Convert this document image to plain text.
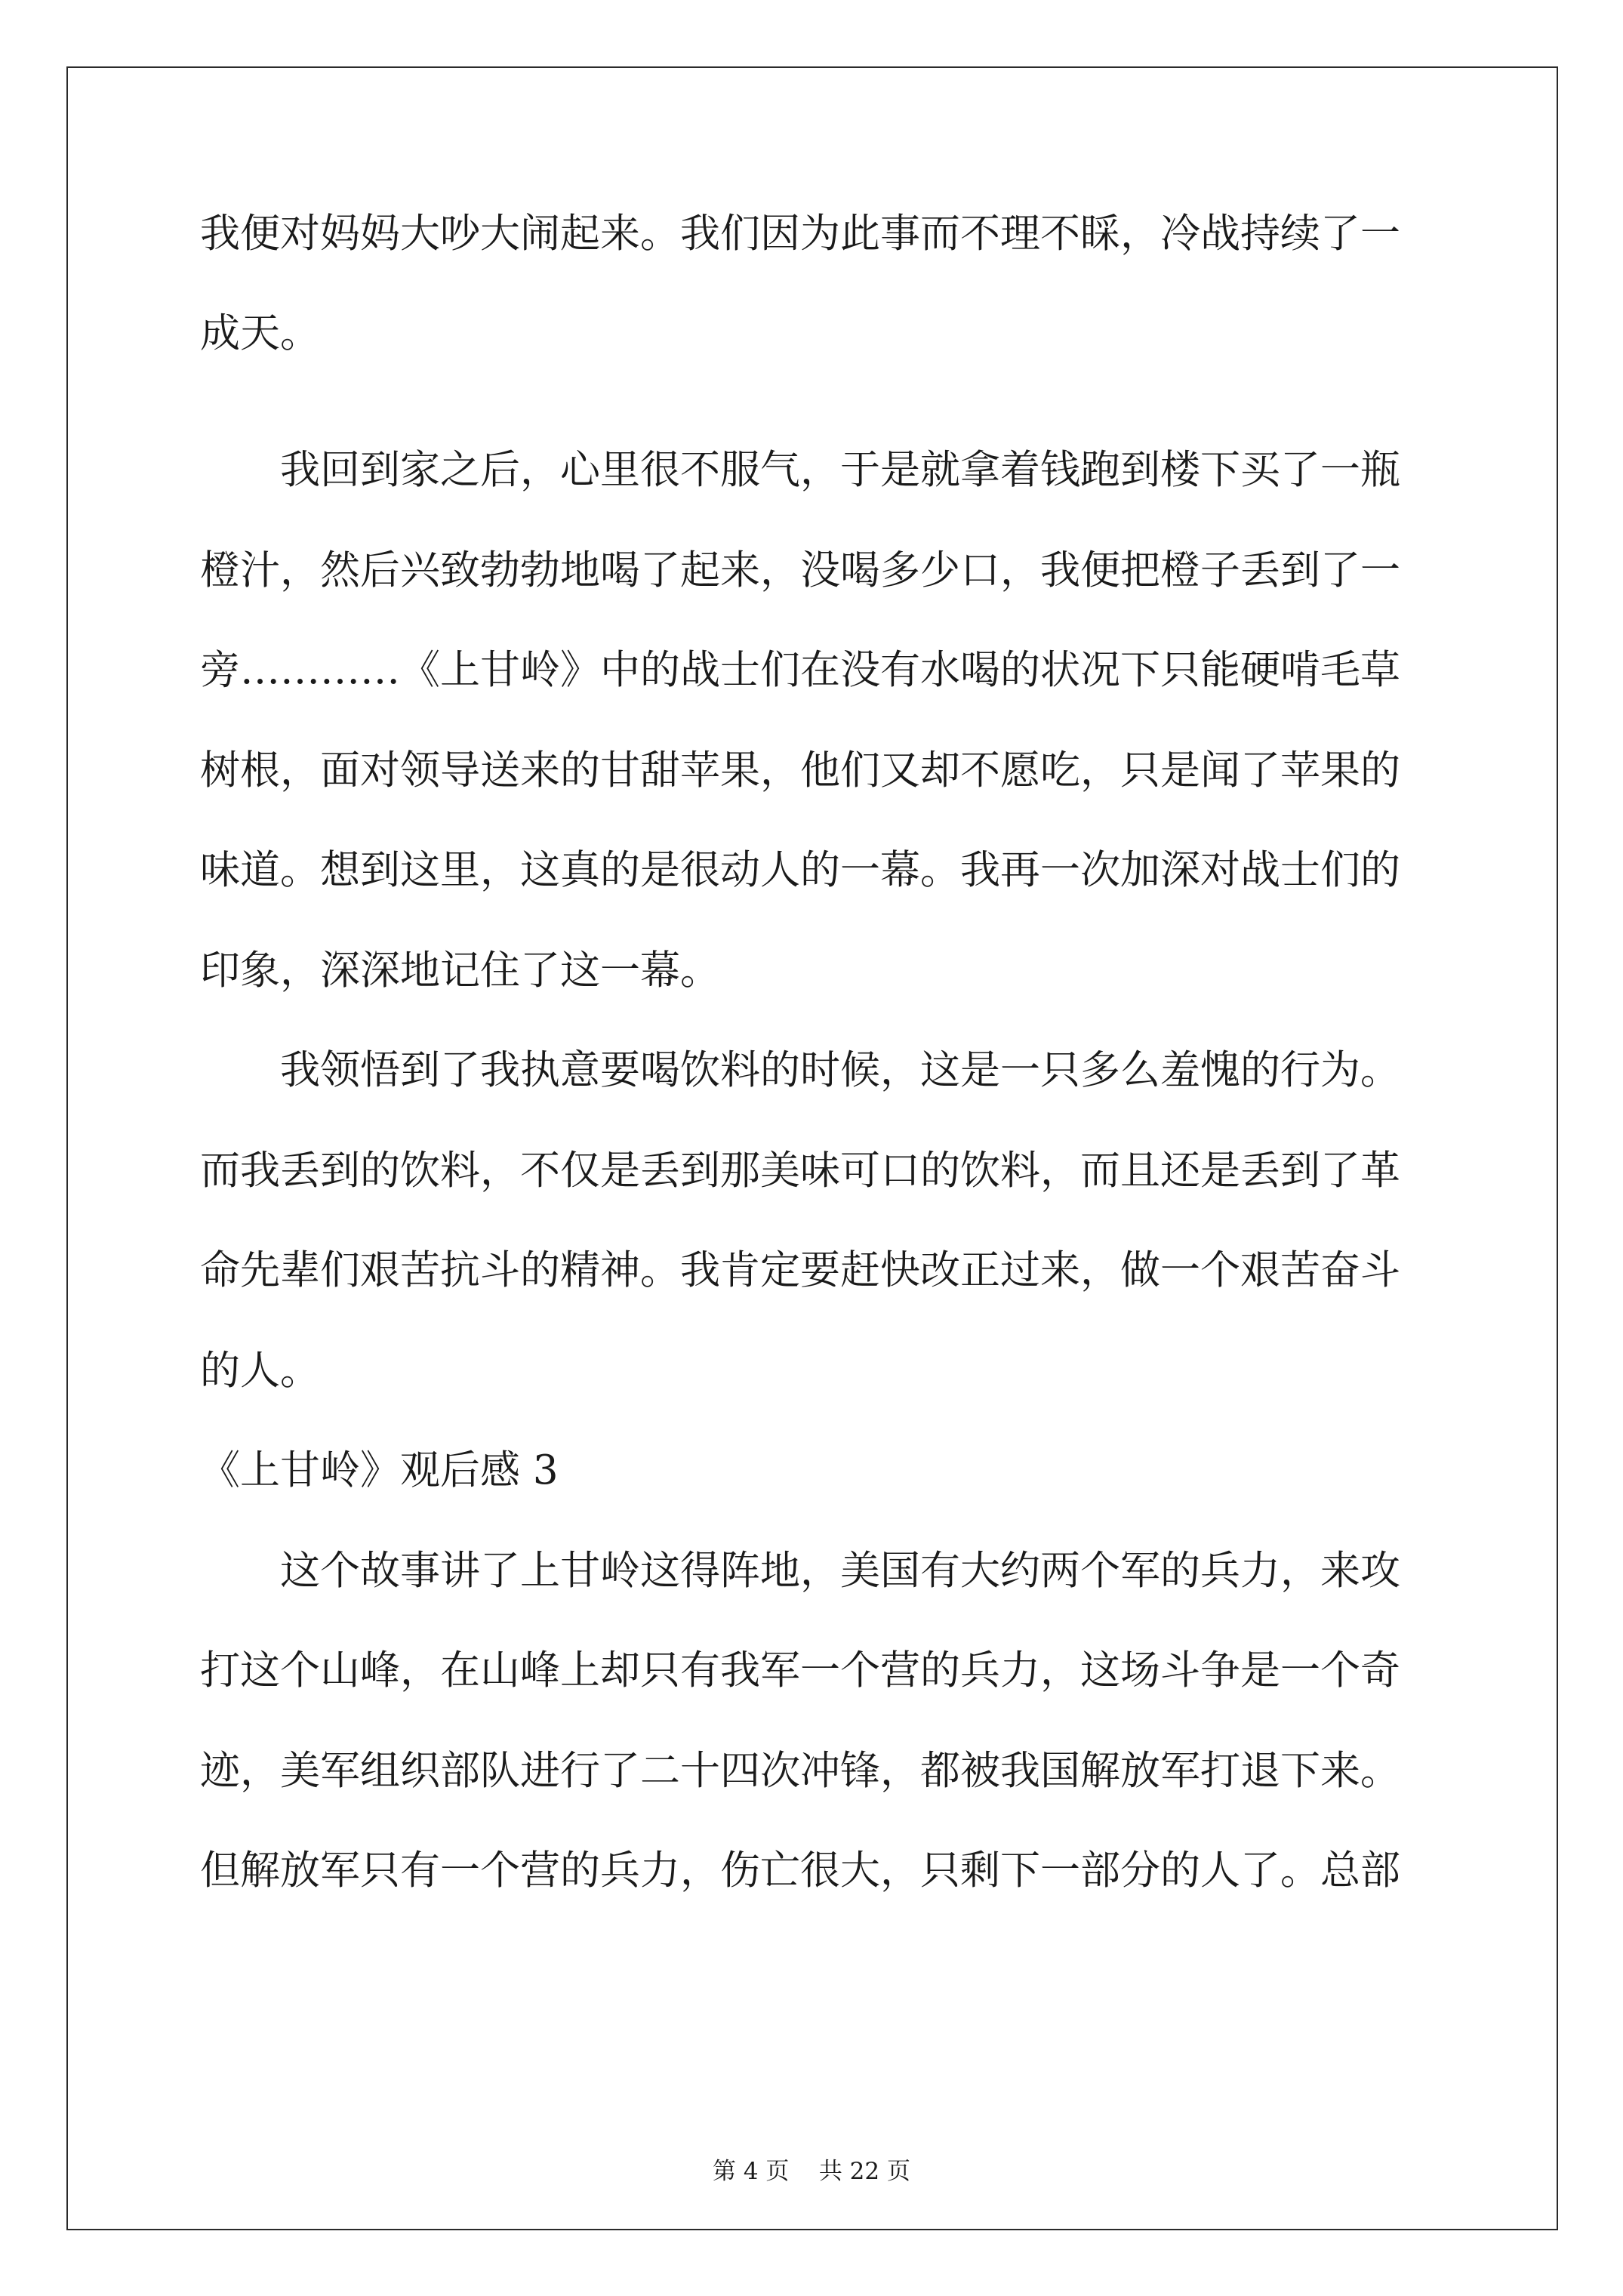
我便对妈妈大吵大闹起来。我们因为此事而不理不睬，冷战持续了一
成天。
我回到家之后，心里很不服气，于是就拿着钱跑到楼下买了一瓶
橙汁，然后兴致勃勃地喝了起来，没喝多少口，我便把橙子丢到了一
旁…………《上甘岭》中的战士们在没有水喝的状况下只能硬啃毛草
树根，面对领导送来的甘甜苹果，他们又却不愿吃，只是闻了苹果的
味道。想到这里，这真的是很动人的一幕。我再一次加深对战士们的
印象，深深地记住了这一幕。
我领悟到了我执意要喝饮料的时候，这是一只多么羞愧的行为。
而我丢到的饮料，不仅是丢到那美味可口的饮料，而且还是丢到了革
命先辈们艰苦抗斗的精神。我肯定要赶快改正过来，做一个艰苦奋斗
的人。
《上甘岭》观后感 3
这个故事讲了上甘岭这得阵地，美国有大约两个军的兵力，来攻
打这个山峰，在山峰上却只有我军一个营的兵力，这场斗争是一个奇
迹，美军组织部队进行了二十四次冲锋，都被我国解放军打退下来。
但解放军只有一个营的兵力，伤亡很大，只剩下一部分的人了。总部
第 4 页    共 22 页
